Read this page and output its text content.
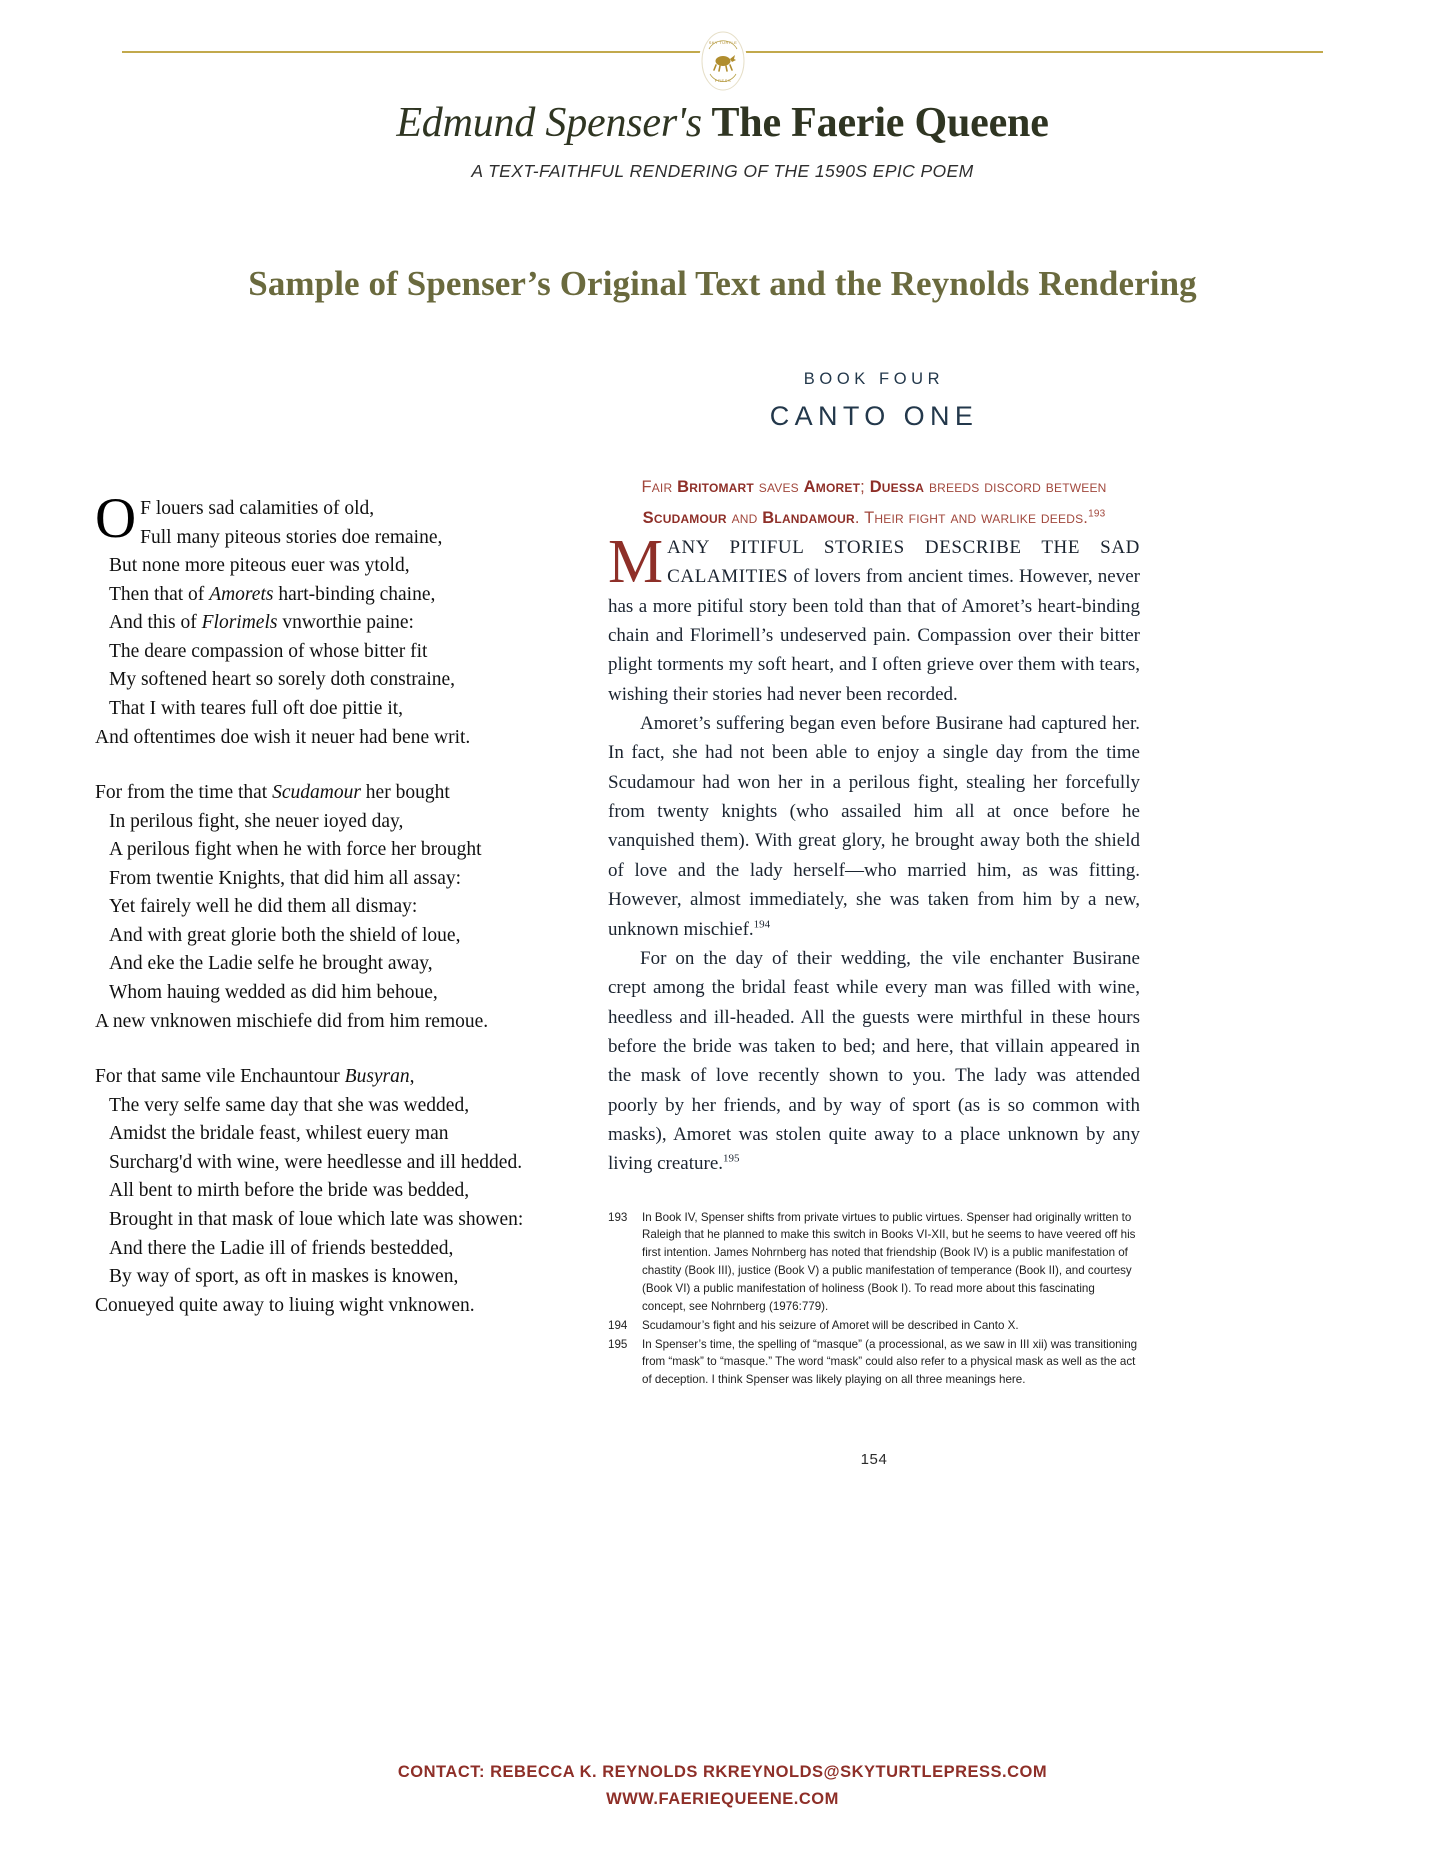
SKY TURTLE
PRESS
Edmund Spenser's The Faerie Queene
A TEXT-FAITHFUL RENDERING OF THE 1590S EPIC POEM
Sample of Spenser’s Original Text and the Reynolds Rendering
O F louers sad calamities of old,
Full many piteous stories doe remaine,
But none more piteous euer was ytold,
Then that of Amorets hart-binding chaine,
And this of Florimels vnworthie paine:
The deare compassion of whose bitter fit
My softened heart so sorely doth constraine,
That I with teares full oft doe pittie it,
And oftentimes doe wish it neuer had bene writ.
For from the time that Scudamour her bought
In perilous fight, she neuer ioyed day,
A perilous fight when he with force her brought
From twentie Knights, that did him all assay:
Yet fairely well he did them all dismay:
And with great glorie both the shield of loue,
And eke the Ladie selfe he brought away,
Whom hauing wedded as did him behoue,
A new vnknowen mischiefe did from him remoue.
For that same vile Enchauntour Busyran,
The very selfe same day that she was wedded,
Amidst the bridale feast, whilest euery man
Surcharg'd with wine, were heedlesse and ill hedded.
All bent to mirth before the bride was bedded,
Brought in that mask of loue which late was showen:
And there the Ladie ill of friends bestedded,
By way of sport, as oft in maskes is knowen,
Conueyed quite away to liuing wight vnknowen.
BOOK FOUR
CANTO ONE
Fair Britomart saves Amoret; Duessa breeds discord between
Scudamour and Blandamour. Their fight and warlike deeds.$^{193}$

MANY PITIFUL STORIES DESCRIBE THE SAD CALAMITIES of lovers from ancient times. However, never has a more pitiful story been told than that of Amoret’s heart-binding chain and Florimell’s undeserved pain. Compassion over their bitter plight torments my soft heart, and I often grieve over them with tears, wishing their stories had never been recorded.

Amoret’s suffering began even before Busirane had captured her. In fact, she had not been able to enjoy a single day from the time Scudamour had won her in a perilous fight, stealing her forcefully from twenty knights (who assailed him all at once before he vanquished them). With great glory, he brought away both the shield of love and the lady herself—who married him, as was fitting. However, almost immediately, she was taken from him by a new, unknown mischief.$^{194}$

For on the day of their wedding, the vile enchanter Busirane crept among the bridal feast while every man was filled with wine, heedless and ill-headed. All the guests were mirthful in these hours before the bride was taken to bed; and here, that villain appeared in the mask of love recently shown to you. The lady was attended poorly by her friends, and by way of sport (as is so common with masks), Amoret was stolen quite away to a place unknown by any living creature.$^{195}$

193	In Book IV, Spenser shifts from private virtues to public virtues. Spenser had originally written to Raleigh that he planned to make this switch in Books VI-XII, but he seems to have veered off his first intention. James Nohrnberg has noted that friendship (Book IV) is a public manifestation of chastity (Book III), justice (Book V) a public manifestation of temperance (Book II), and courtesy (Book VI) a public manifestation of holiness (Book I). To read more about this fascinating concept, see Nohrnberg (1976:779).
194	Scudamour’s fight and his seizure of Amoret will be described in Canto X.
195	In Spenser’s time, the spelling of “masque” (a processional, as we saw in III xii) was transitioning from “mask” to “masque.” The word “mask” could also refer to a physical mask as well as the act of deception. I think Spenser was likely playing on all three meanings here.
154
CONTACT: REBECCA K. REYNOLDS RKREYNOLDS@SKYTURTLEPRESS.COM
WWW.FAERIEQUEENE.COM
